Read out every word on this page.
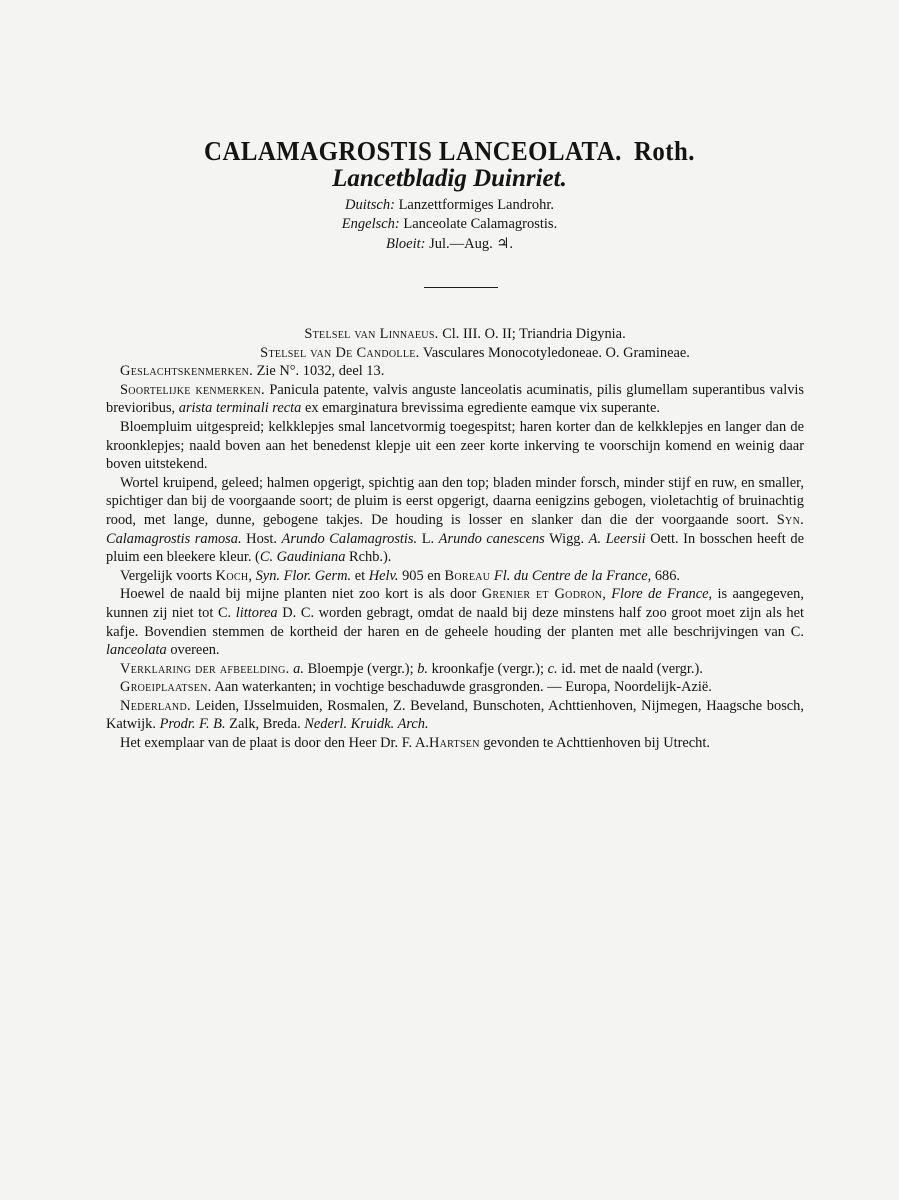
CALAMAGROSTIS LANCEOLATA. Roth.
Lancetbladig Duinriet.
Duitsch: Lanzettformiges Landrohr.
Engelsch: Lanceolate Calamagrostis.
Bloeit: Jul.—Aug. ♃.

Stelsel van Linnaeus. Cl. III. O. II; Triandria Digynia.

Stelsel van De Candolle. Vasculares Monocotyledoneae. O. Gramineae.

Geslachtskenmerken. Zie N°. 1032, deel 13.

Soortelijke kenmerken. Panicula patente, valvis anguste lanceolatis acuminatis, pilis glumellam superantibus valvis brevioribus, arista terminali recta ex emarginatura brevissima egrediente eamque vix superante.

Bloempluim uitgespreid; kelkklepjes smal lancetvormig toegespitst; haren korter dan de kelkklepjes en langer dan de kroonklepjes; naald boven aan het benedenst klepje uit een zeer korte inkerving te voorschijn komend en weinig daar boven uitstekend.

Wortel kruipend, geleed; halmen opgerigt, spichtig aan den top; bladen minder forsch, minder stijf en ruw, en smaller, spichtiger dan bij de voorgaande soort; de pluim is eerst opgerigt, daarna eenigzins gebogen, violetachtig of bruinachtig rood, met lange, dunne, gebogene takjes. De houding is losser en slanker dan die der voorgaande soort. Syn. Calamagrostis ramosa. Host. Arundo Calamagrostis. L. Arundo canescens Wigg. A. Leersii Oett. In bosschen heeft de pluim een bleekere kleur. (C. Gaudiniana Rchb.).

Vergelijk voorts Koch, Syn. Flor. Germ. et Helv. 905 en Boreau Fl. du Centre de la France, 686.

Hoewel de naald bij mijne planten niet zoo kort is als door Grenier et Godron, Flore de France, is aangegeven, kunnen zij niet tot C. littorea D. C. worden gebragt, omdat de naald bij deze minstens half zoo groot moet zijn als het kafje. Bovendien stemmen de kortheid der haren en de geheele houding der planten met alle beschrijvingen van C. lanceolata overeen.

Verklaring der afbeelding. a. Bloempje (vergr.); b. kroonkafje (vergr.); c. id. met de naald (vergr.).

Groeiplaatsen. Aan waterkanten; in vochtige beschaduwde grasgronden. — Europa, Noordelijk-Azië.

Nederland. Leiden, IJsselmuiden, Rosmalen, Z. Beveland, Bunschoten, Achttienhoven, Nijmegen, Haagsche bosch, Katwijk. Prodr. F. B. Zalk, Breda. Nederl. Kruidk. Arch.

Het exemplaar van de plaat is door den Heer Dr. F. A.Hartsen gevonden te Achttienhoven bij Utrecht.
